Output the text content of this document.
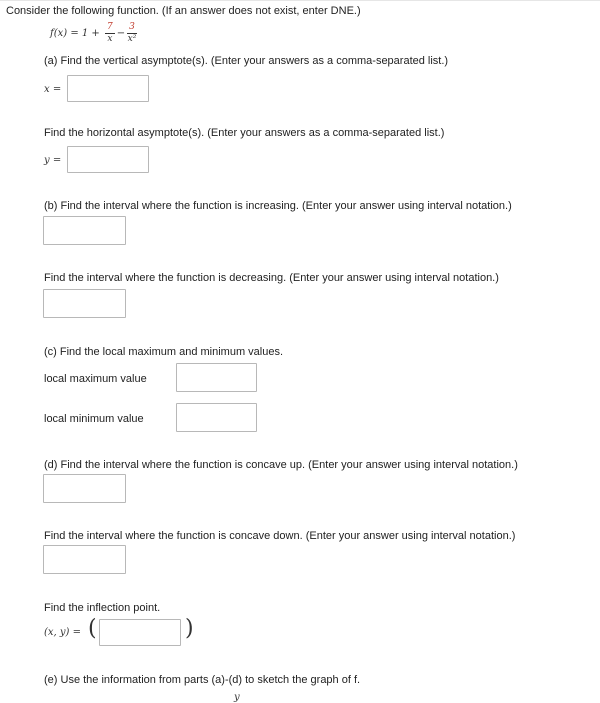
Consider the following function. (If an answer does not exist, enter DNE.)
$f(x) = 1 + \frac{7}{x} - \frac{3}{\text{x²}}$
(a) Find the vertical asymptote(s). (Enter your answers as a comma-separated list.)
x =
Find the horizontal asymptote(s). (Enter your answers as a comma-separated list.)
y =
(b) Find the interval where the function is increasing. (Enter your answer using interval notation.)
Find the interval where the function is decreasing. (Enter your answer using interval notation.)
(c) Find the local maximum and minimum values.
local maximum value
local minimum value
(d) Find the interval where the function is concave up. (Enter your answer using interval notation.)
Find the interval where the function is concave down. (Enter your answer using interval notation.)
Find the inflection point.
(x, y) = (	)
(e) Use the information from parts (a)-(d) to sketch the graph of f.
y
